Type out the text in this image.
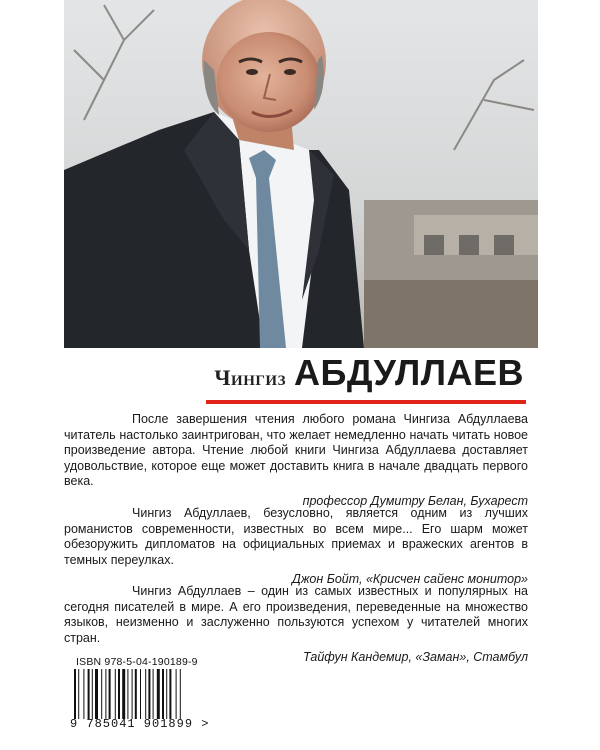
Чингиз АБДУЛЛАЕВ

После завершения чтения любого романа Чингиза Абдуллаева читатель настолько заинтригован, что желает немедленно начать читать новое произведение автора. Чтение любой книги Чингиза Абдуллаева доставляет удовольствие, которое еще может доставить книга в начале двадцать первого века.

профессор Думитру Белан, Бухарест

Чингиз Абдуллаев, безусловно, является одним из лучших романистов современности, известных во всем мире... Его шарм может обезоружить дипломатов на официальных приемах и вражеских агентов в темных переулках.

Джон Бойт, «Крисчен сайенс монитор»

Чингиз Абдуллаев – один из самых известных и популярных на сегодня писателей в мире. А его произведения, переведенные на множество языков, неизменно и заслуженно пользуются успехом у читателей многих стран.

Тайфун Кандемир, «Заман», Стамбул
ISBN 978-5-04-190189-9
9 785041 901899 >
